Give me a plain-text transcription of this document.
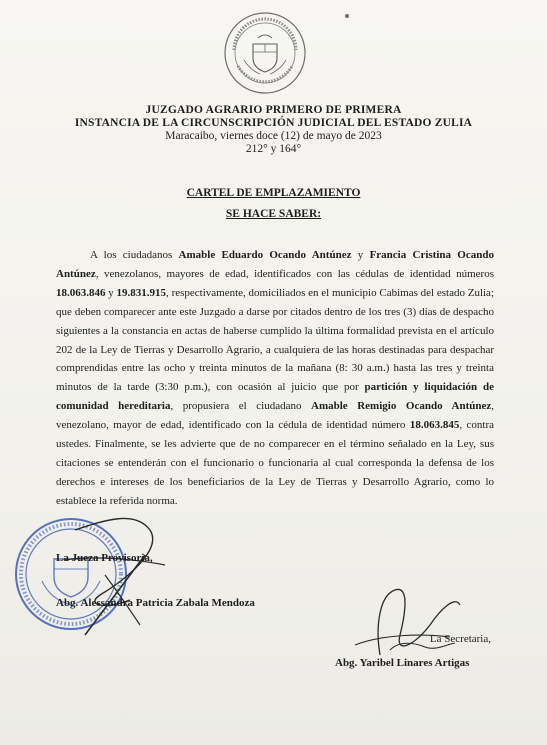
JUZGADO AGRARIO PRIMERO DE PRIMERA
INSTANCIA DE LA CIRCUNSCRIPCIÓN JUDICIAL DEL ESTADO ZULIA
Maracaibo, viernes doce (12) de mayo de 2023
212° y 164°
CARTEL DE EMPLAZAMIENTO
SE HACE SABER:
A los ciudadanos Amable Eduardo Ocando Antúnez y Francia Cristina Ocando Antúnez, venezolanos, mayores de edad, identificados con las cédulas de identidad números 18.063.846 y 19.831.915, respectivamente, domiciliados en el municipio Cabimas del estado Zulia; que deben comparecer ante este Juzgado a darse por citados dentro de los tres (3) días de despacho siguientes a la constancia en actas de haberse cumplido la última formalidad prevista en el artículo 202 de la Ley de Tierras y Desarrollo Agrario, a cualquiera de las horas destinadas para despachar comprendidas entre las ocho y treinta minutos de la mañana (8: 30 a.m.) hasta las tres y treinta minutos de la tarde (3:30 p.m.), con ocasión al juicio que por partición y liquidación de comunidad hereditaria, propusiera el ciudadano Amable Remigio Ocando Antúnez, venezolano, mayor de edad, identificado con la cédula de identidad número 18.063.845, contra ustedes. Finalmente, se les advierte que de no comparecer en el término señalado en la Ley, sus citaciones se entenderán con el funcionario o funcionaria al cual corresponda la defensa de los derechos e intereses de los beneficiarios de la Ley de Tierras y Desarrollo Agrario, como lo establece la referida norma.
La Jueza Provisoria,
Abg. Alessandra Patricia Zabala Mendoza
La Secretaria,
Abg. Yaribel Linares Artigas
